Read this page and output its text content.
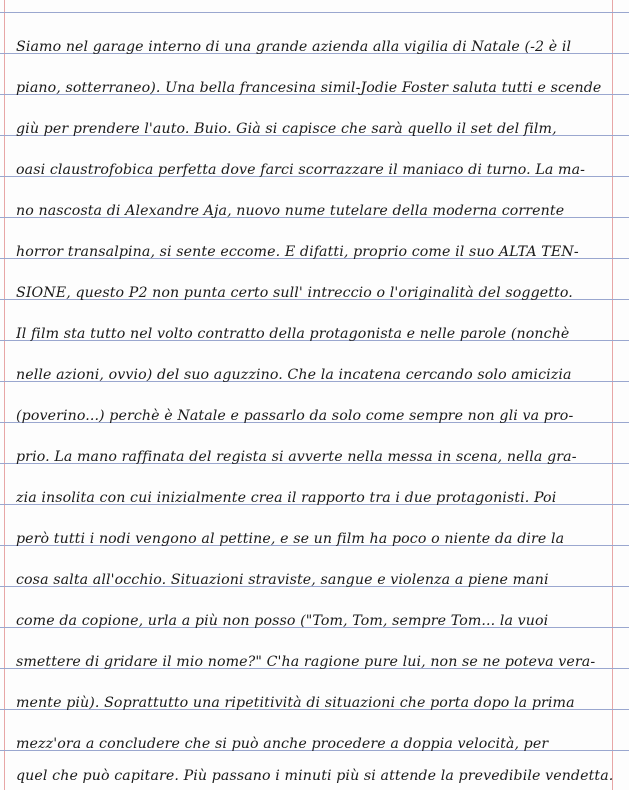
Siamo nel garage interno di una grande azienda alla vigilia di Natale (-2 è il
piano, sotterraneo). Una bella francesina simil-Jodie Foster saluta tutti e scende
giù per prendere l'auto. Buio. Già si capisce che sarà quello il set del film,
oasi claustrofobica perfetta dove farci scorrazzare il maniaco di turno. La ma-
no nascosta di Alexandre Aja, nuovo nume tutelare della moderna corrente
horror transalpina, si sente eccome. E difatti, proprio come il suo ALTA TEN-
SIONE, questo P2 non punta certo sull' intreccio o l'originalità del soggetto.
Il film sta tutto nel volto contratto della protagonista e nelle parole (nonchè
nelle azioni, ovvio) del suo aguzzino. Che la incatena cercando solo amicizia
(poverino...) perchè è Natale e passarlo da solo come sempre non gli va pro-
prio. La mano raffinata del regista si avverte nella messa in scena, nella gra-
zia insolita con cui inizialmente crea il rapporto tra i due protagonisti. Poi
però tutti i nodi vengono al pettine, e se un film ha poco o niente da dire la
cosa salta all'occhio. Situazioni straviste, sangue e violenza a piene mani
come da copione, urla a più non posso ("Tom, Tom, sempre Tom... la vuoi
smettere di gridare il mio nome?" C'ha ragione pure lui, non se ne poteva vera-
mente più). Soprattutto una ripetitività di situazioni che porta dopo la prima
mezz'ora a concludere che si può anche procedere a doppia velocità, per
quel che può capitare. Più passano i minuti più si attende la prevedibile vendetta.
